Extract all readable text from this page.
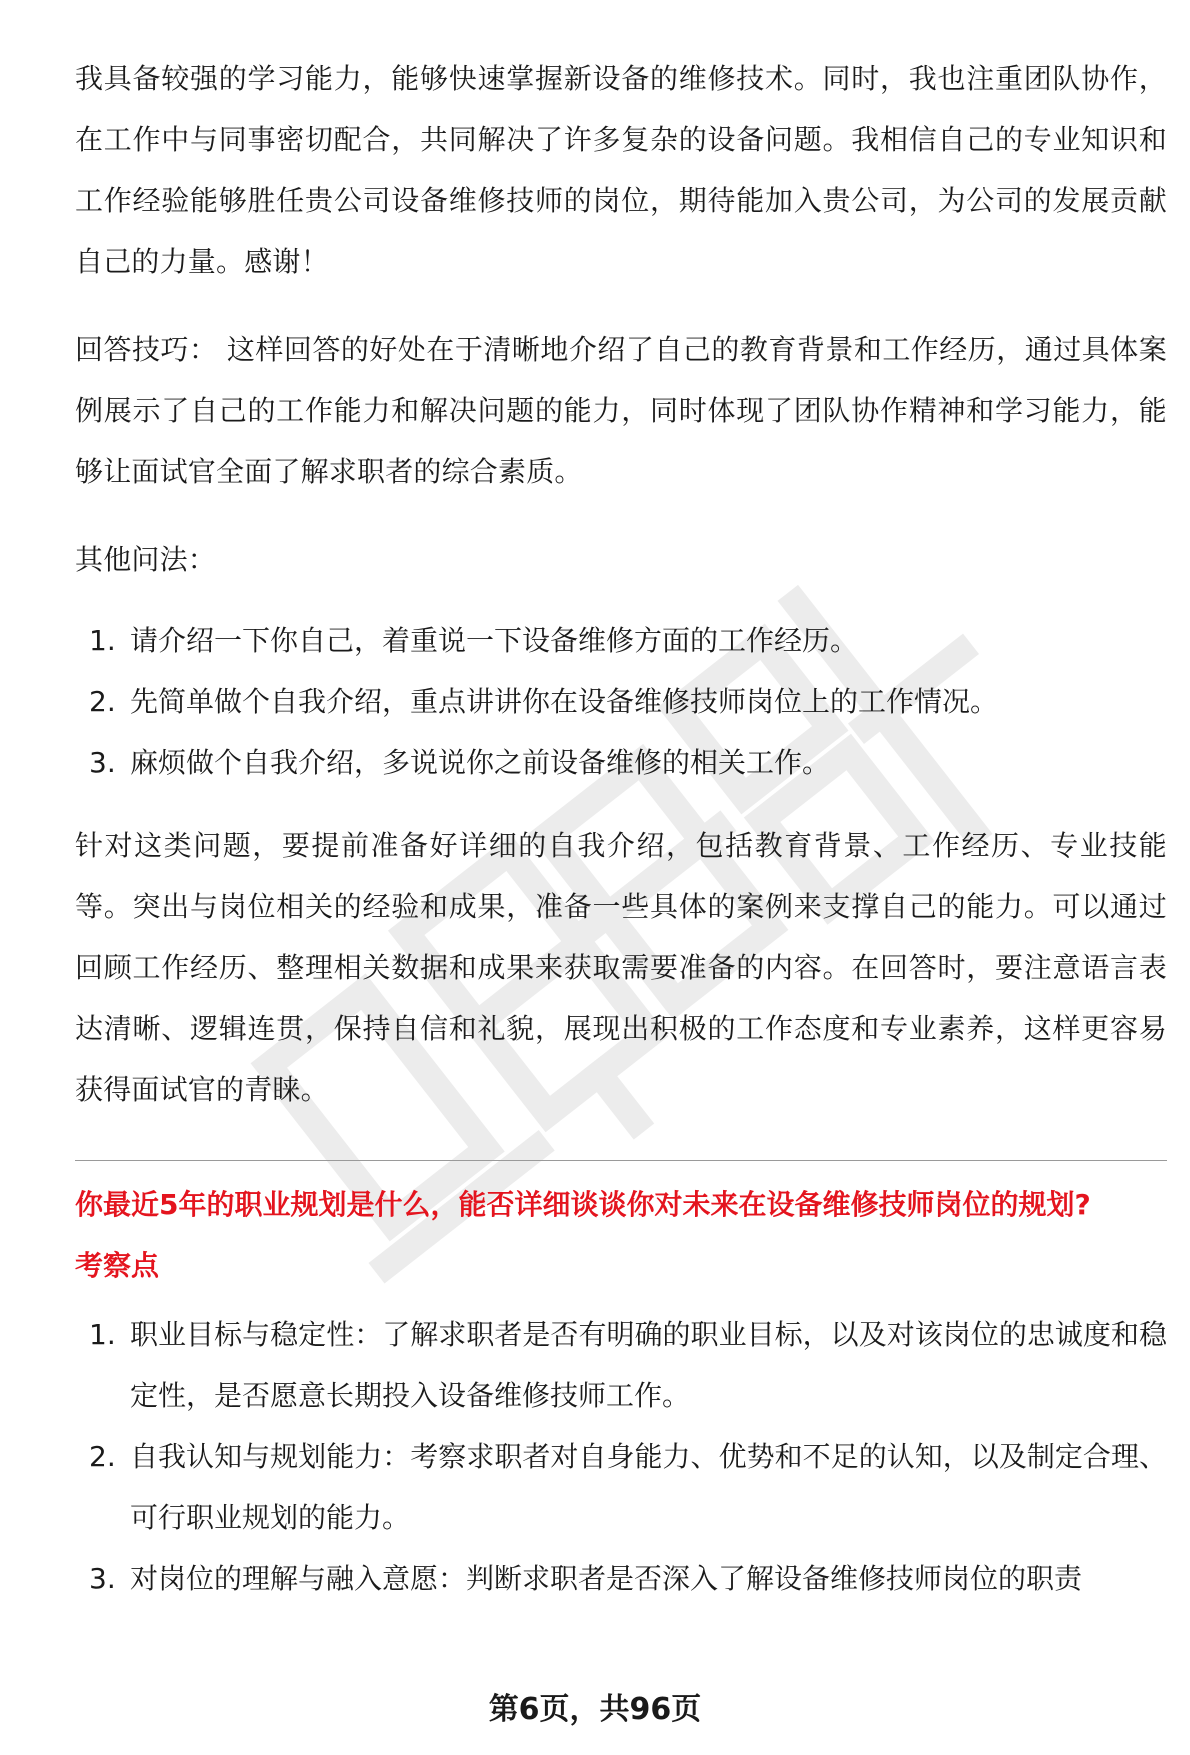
我具备较强的学习能力，能够快速掌握新设备的维修技术。同时，我也注重团队协作，在工作中与同事密切配合，共同解决了许多复杂的设备问题。我相信自己的专业知识和工作经验能够胜任贵公司设备维修技师的岗位，期待能加入贵公司，为公司的发展贡献自己的力量。感谢！

回答技巧： 这样回答的好处在于清晰地介绍了自己的教育背景和工作经历，通过具体案例展示了自己的工作能力和解决问题的能力，同时体现了团队协作精神和学习能力，能够让面试官全面了解求职者的综合素质。

其他问法：

1. 请介绍一下你自己，着重说一下设备维修方面的工作经历。
2. 先简单做个自我介绍，重点讲讲你在设备维修技师岗位上的工作情况。
3. 麻烦做个自我介绍，多说说你之前设备维修的相关工作。

针对这类问题，要提前准备好详细的自我介绍，包括教育背景、工作经历、专业技能等。突出与岗位相关的经验和成果，准备一些具体的案例来支撑自己的能力。可以通过回顾工作经历、整理相关数据和成果来获取需要准备的内容。在回答时，要注意语言表达清晰、逻辑连贯，保持自信和礼貌，展现出积极的工作态度和专业素养，这样更容易获得面试官的青睐。

你最近5年的职业规划是什么，能否详细谈谈你对未来在设备维修技师岗位的规划?
考察点
1. 职业目标与稳定性：了解求职者是否有明确的职业目标，以及对该岗位的忠诚度和稳定性，是否愿意长期投入设备维修技师工作。
2. 自我认知与规划能力：考察求职者对自身能力、优势和不足的认知，以及制定合理、可行职业规划的能力。
3. 对岗位的理解与融入意愿：判断求职者是否深入了解设备维修技师岗位的职责
第6页，共96页
